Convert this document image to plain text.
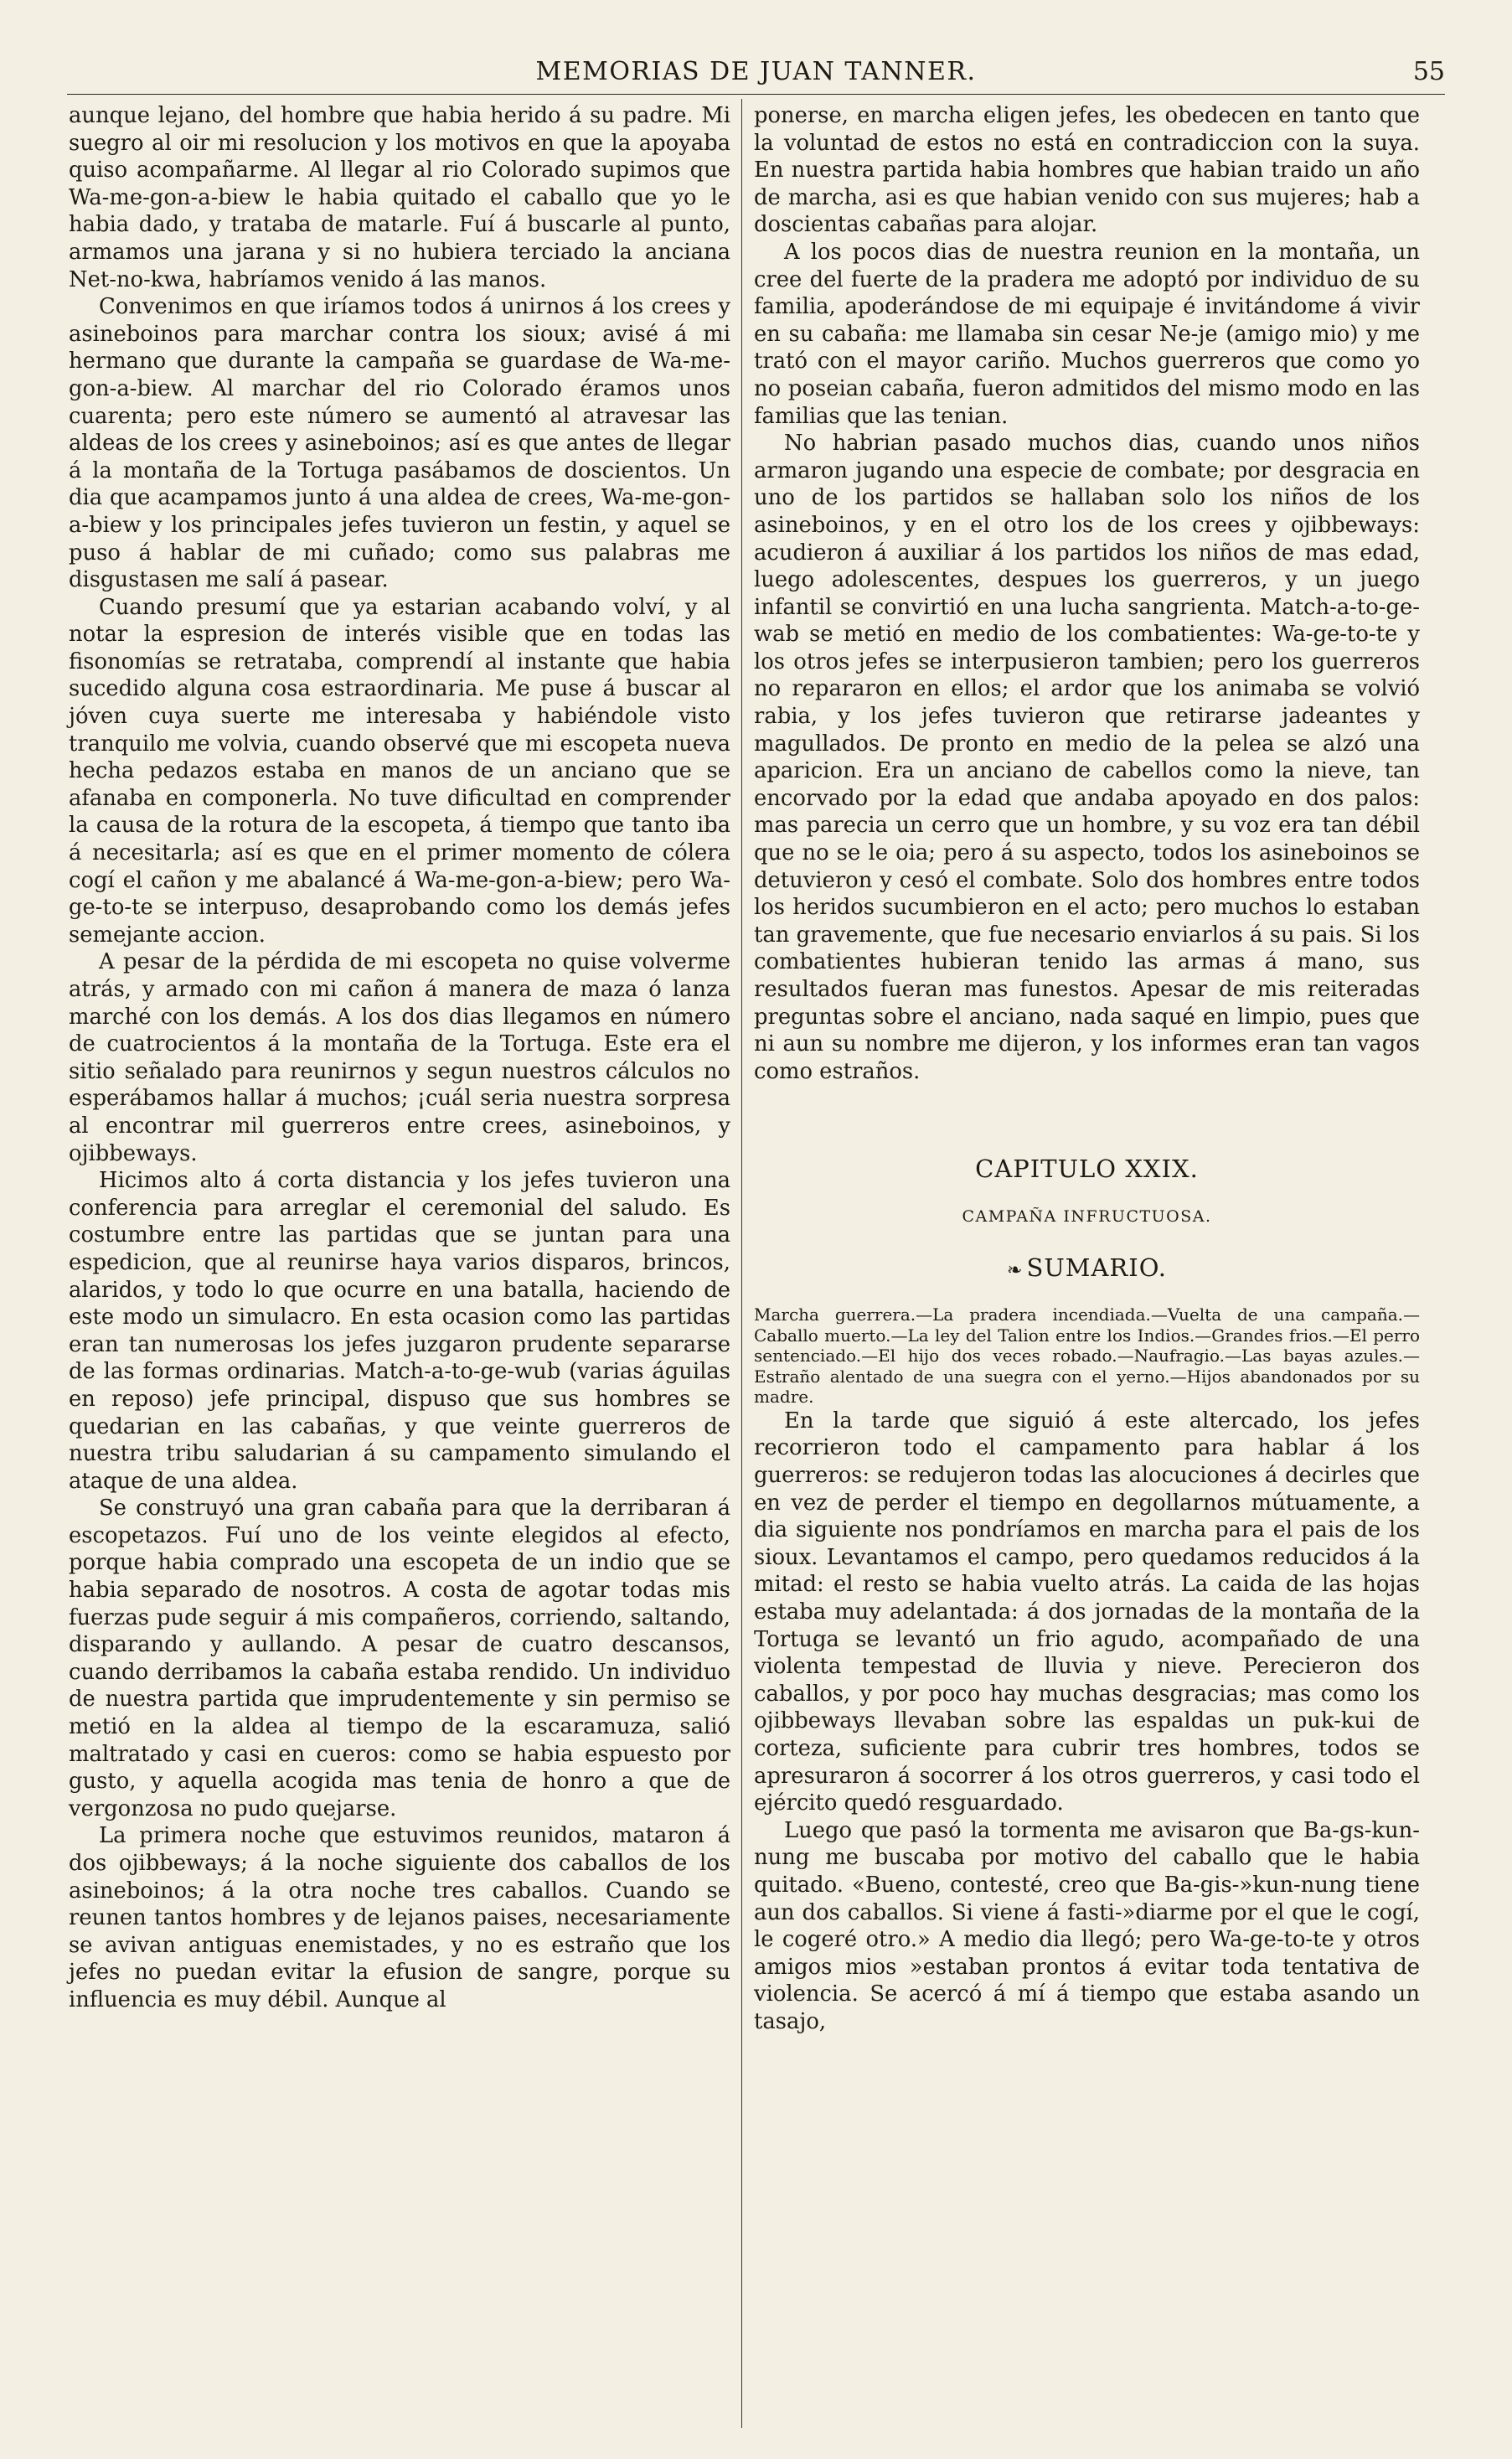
MEMORIAS DE JUAN TANNER.	55

aunque lejano, del hombre que habia herido á su padre. Mi suegro al oir mi resolucion y los motivos en que la apoyaba quiso acompañarme. Al llegar al rio Colorado supimos que Wa-me-gon-a-biew le habia quitado el caballo que yo le habia dado, y trataba de matarle. Fuí á buscarle al punto, armamos una jarana y si no hubiera terciado la anciana Net-no-kwa, habríamos venido á las manos.

Convenimos en que iríamos todos á unirnos á los crees y asineboinos para marchar contra los sioux; avisé á mi hermano que durante la campaña se guardase de Wa-me-gon-a-biew. Al marchar del rio Colorado éramos unos cuarenta; pero este número se aumentó al atravesar las aldeas de los crees y asineboinos; así es que antes de llegar á la montaña de la Tortuga pasábamos de doscientos. Un dia que acampamos junto á una aldea de crees, Wa-me-gon-a-biew y los principales jefes tuvieron un festin, y aquel se puso á hablar de mi cuñado; como sus palabras me disgustasen me salí á pasear.

Cuando presumí que ya estarian acabando volví, y al notar la espresion de interés visible que en todas las fisonomías se retrataba, comprendí al instante que habia sucedido alguna cosa estraordinaria. Me puse á buscar al jóven cuya suerte me interesaba y habiéndole visto tranquilo me volvia, cuando observé que mi escopeta nueva hecha pedazos estaba en manos de un anciano que se afanaba en componerla. No tuve dificultad en comprender la causa de la rotura de la escopeta, á tiempo que tanto iba á necesitarla; así es que en el primer momento de cólera cogí el cañon y me abalancé á Wa-me-gon-a-biew; pero Wa-ge-to-te se interpuso, desaprobando como los demás jefes semejante accion.

A pesar de la pérdida de mi escopeta no quise volverme atrás, y armado con mi cañon á manera de maza ó lanza marché con los demás. A los dos dias llegamos en número de cuatrocientos á la montaña de la Tortuga. Este era el sitio señalado para reunirnos y segun nuestros cálculos no esperábamos hallar á muchos; ¡cuál seria nuestra sorpresa al encontrar mil guerreros entre crees, asineboinos, y ojibbeways.

Hicimos alto á corta distancia y los jefes tuvieron una conferencia para arreglar el ceremonial del saludo. Es costumbre entre las partidas que se juntan para una espedicion, que al reunirse haya varios disparos, brincos, alaridos, y todo lo que ocurre en una batalla, haciendo de este modo un simulacro. En esta ocasion como las partidas eran tan numerosas los jefes juzgaron prudente separarse de las formas ordinarias. Match-a-to-ge-wub (varias águilas en reposo) jefe principal, dispuso que sus hombres se quedarian en las cabañas, y que veinte guerreros de nuestra tribu saludarian á su campamento simulando el ataque de una aldea.

Se construyó una gran cabaña para que la derribaran á escopetazos. Fuí uno de los veinte elegidos al efecto, porque habia comprado una escopeta de un indio que se habia separado de nosotros. A costa de agotar todas mis fuerzas pude seguir á mis compañeros, corriendo, saltando, disparando y aullando. A pesar de cuatro descansos, cuando derribamos la cabaña estaba rendido. Un individuo de nuestra partida que imprudentemente y sin permiso se metió en la aldea al tiempo de la escaramuza, salió maltratado y casi en cueros: como se habia espuesto por gusto, y aquella acogida mas tenia de honro a que de vergonzosa no pudo quejarse.

La primera noche que estuvimos reunidos, mataron á dos ojibbeways; á la noche siguiente dos caballos de los asineboinos; á la otra noche tres caballos. Cuando se reunen tantos hombres y de lejanos paises, necesariamente se avivan antiguas enemistades, y no es estraño que los jefes no puedan evitar la efusion de sangre, porque su influencia es muy débil. Aunque al

ponerse, en marcha eligen jefes, les obedecen en tanto que la voluntad de estos no está en contradiccion con la suya. En nuestra partida habia hombres que habian traido un año de marcha, asi es que habian venido con sus mujeres; hab a doscientas cabañas para alojar.

A los pocos dias de nuestra reunion en la montaña, un cree del fuerte de la pradera me adoptó por individuo de su familia, apoderándose de mi equipaje é invitándome á vivir en su cabaña: me llamaba sin cesar Ne-je (amigo mio) y me trató con el mayor cariño. Muchos guerreros que como yo no poseian cabaña, fueron admitidos del mismo modo en las familias que las tenian.

No habrian pasado muchos dias, cuando unos niños armaron jugando una especie de combate; por desgracia en uno de los partidos se hallaban solo los niños de los asineboinos, y en el otro los de los crees y ojibbeways: acudieron á auxiliar á los partidos los niños de mas edad, luego adolescentes, despues los guerreros, y un juego infantil se convirtió en una lucha sangrienta. Match-a-to-ge-wab se metió en medio de los combatientes: Wa-ge-to-te y los otros jefes se interpusieron tambien; pero los guerreros no repararon en ellos; el ardor que los animaba se volvió rabia, y los jefes tuvieron que retirarse jadeantes y magullados. De pronto en medio de la pelea se alzó una aparicion. Era un anciano de cabellos como la nieve, tan encorvado por la edad que andaba apoyado en dos palos: mas parecia un cerro que un hombre, y su voz era tan débil que no se le oia; pero á su aspecto, todos los asineboinos se detuvieron y cesó el combate. Solo dos hombres entre todos los heridos sucumbieron en el acto; pero muchos lo estaban tan gravemente, que fue necesario enviarlos á su pais. Si los combatientes hubieran tenido las armas á mano, sus resultados fueran mas funestos. Apesar de mis reiteradas preguntas sobre el anciano, nada saqué en limpio, pues que ni aun su nombre me dijeron, y los informes eran tan vagos como estraños.

CAPITULO XXIX.
CAMPAÑA INFRUCTUOSA.
❧ SUMARIO.

Marcha guerrera.—La pradera incendiada.—Vuelta de una campaña.—Caballo muerto.—La ley del Talion entre los Indios.—Grandes frios.—El perro sentenciado.—El hijo dos veces robado.—Naufragio.—Las bayas azules.—Estraño alentado de una suegra con el yerno.—Hijos abandonados por su madre.

En la tarde que siguió á este altercado, los jefes recorrieron todo el campamento para hablar á los guerreros: se redujeron todas las alocuciones á decirles que en vez de perder el tiempo en degollarnos mútuamente, a dia siguiente nos pondríamos en marcha para el pais de los sioux. Levantamos el campo, pero quedamos reducidos á la mitad: el resto se habia vuelto atrás. La caida de las hojas estaba muy adelantada: á dos jornadas de la montaña de la Tortuga se levantó un frio agudo, acompañado de una violenta tempestad de lluvia y nieve. Perecieron dos caballos, y por poco hay muchas desgracias; mas como los ojibbeways llevaban sobre las espaldas un puk-kui de corteza, suficiente para cubrir tres hombres, todos se apresuraron á socorrer á los otros guerreros, y casi todo el ejército quedó resguardado.

Luego que pasó la tormenta me avisaron que Ba-gs-kun-nung me buscaba por motivo del caballo que le habia quitado. «Bueno, contesté, creo que Ba-gis-»kun-nung tiene aun dos caballos. Si viene á fasti-»diarme por el que le cogí, le cogeré otro.» A medio dia llegó; pero Wa-ge-to-te y otros amigos mios »estaban prontos á evitar toda tentativa de violencia. Se acercó á mí á tiempo que estaba asando un tasajo,
